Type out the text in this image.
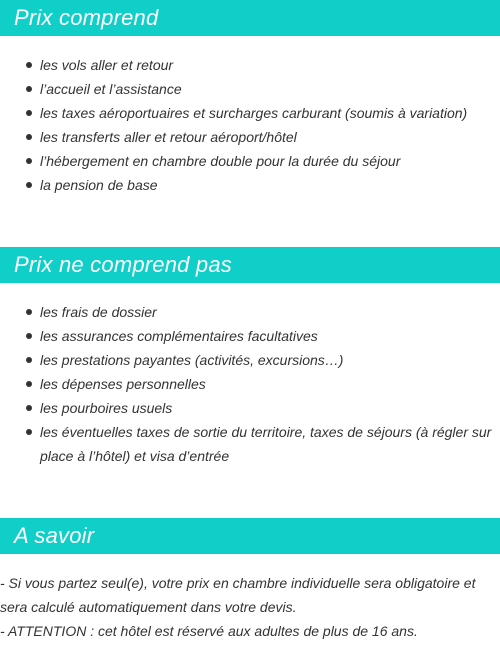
Prix comprend
les vols aller et retour
l’accueil et l’assistance
les taxes aéroportuaires et surcharges carburant (soumis à variation)
les transferts aller et retour aéroport/hôtel
l’hébergement en chambre double pour la durée du séjour
la pension de base
Prix ne comprend pas
les frais de dossier
les assurances complémentaires facultatives
les prestations payantes (activités, excursions…)
les dépenses personnelles
les pourboires usuels
les éventuelles taxes de sortie du territoire, taxes de séjours (à régler sur place à l’hôtel) et visa d’entrée
A savoir

- Si vous partez seul(e), votre prix en chambre individuelle sera obligatoire et sera calculé automatiquement dans votre devis.

- ATTENTION : cet hôtel est réservé aux adultes de plus de 16 ans.
